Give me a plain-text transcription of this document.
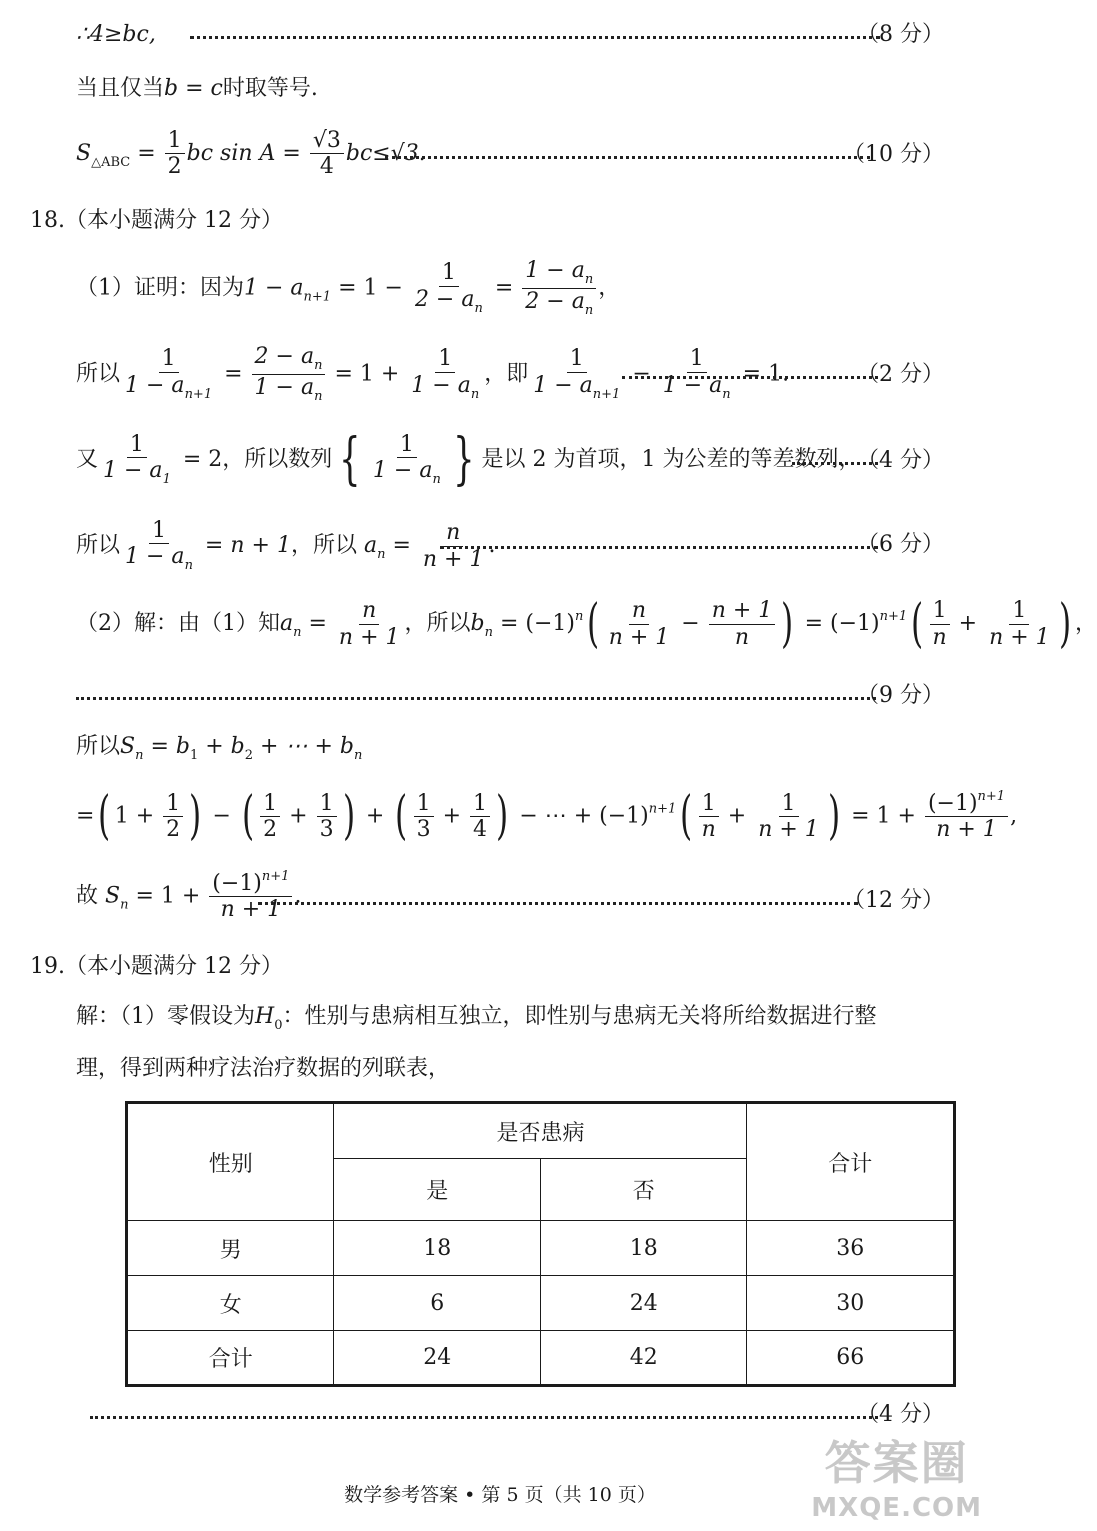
∴4≥bc,	（8 分）
当且仅当b = c时取等号.
$S_{\triangle ABC} = \frac{1}{2}$ bc $\sin A = \frac{√3}{4} bc\le√3$.	（10 分）
18.（本小题满分 12 分）
（1）证明：因为$1 - a_{n+1} = 1 - \frac{1}{2 - a_n} = \frac{1 - a_n}{2 - a_n}$ ，
所以 $\frac{1}{1 - a_{n+1}} = \frac{2 - a_n}{1 - a_n} = 1 + \frac{1}{1 - a_n}$ ，即 $\frac{1}{1 - a_{n+1}} - \frac{1}{1 - a_n} = 1$.	（2 分）
又 $\frac{1}{1 - a_1} = 2$，所以数列 { $\frac{1}{1 - a_n}$ } 是以 2 为首项，1 为公差的等差数列，
（4 分）
所以 $\frac{1}{1 - a_n} = n + 1$，所以 $a_n = \frac{n}{n + 1}$ .	（6 分）
（2）解：由（1）知$a_n = \frac{n}{n + 1}$ ，所以$b_n = (-1)^n( \frac{n}{n + 1} - \frac{n + 1}{n}$ ) = $(-1)^{n+1}( \frac{1}{n} + \frac{1}{n + 1}$ ) ，
（9 分）
所以$S_n = b_1 + b_2$ + ⋯ + $b_n$
=( $1 + \frac{1}{2}$ ) − ( $\frac{1}{2} + \frac{1}{3}$ ) + ( $\frac{1}{3} + \frac{1}{4}$ ) − ⋯ + $(-1)^{n+1}( \frac{1}{n} + \frac{1}{n + 1}$ ) = $1 + \frac{(-1)^{n+1}}{n + 1}$ ,
故 $S_n = 1 + \frac{(-1)^{n+1}}{n + 1}$ .	（12 分）
19.（本小题满分 12 分）
解：（1）零假设为$H_0$：性别与患病相互独立，即性别与患病无关将所给数据进行整
理，得到两种疗法治疗数据的列联表，
性别	是否患病		合计
	是	否	
男	18	18	36
女	6	24	30
合计	24	42	66
（4 分）
数学参考答案 • 第 5 页（共 10 页）
答案圈
MXQE.COM
